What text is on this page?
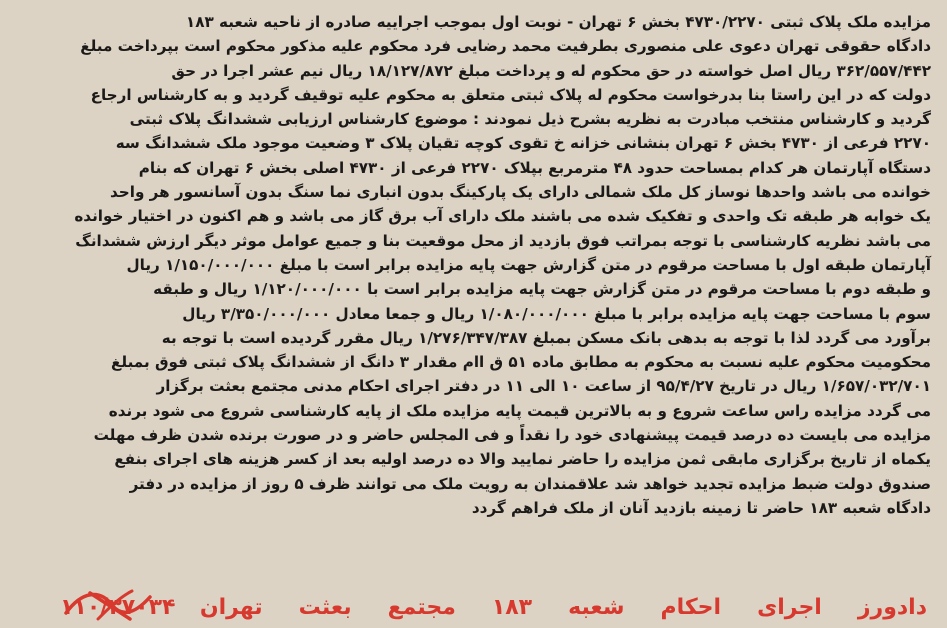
مزایده ملک پلاک ثبتی ۴۷۳۰/۲۲۷۰ بخش ۶ تهران - نوبت اول بموجب اجراییه صادره از ناحیه شعبه ۱۸۳
دادگاه حقوقی تهران دعوی علی منصوری بطرفیت محمد رضایی فرد محکوم علیه مذکور محکوم است بپرداخت مبلغ
۳۶۲/۵۵۷/۴۴۲ ریال اصل خواسته در حق محکوم له و پرداخت مبلغ ۱۸/۱۲۷/۸۷۲ ریال نیم عشر اجرا در حق
دولت که در این راستا بنا بدرخواست محکوم له پلاک ثبتی متعلق به محکوم علیه توقیف گردید و به کارشناس ارجاع
گردید و کارشناس منتخب مبادرت به نظریه بشرح ذیل نمودند : موضوع کارشناس ارزیابی ششدانگ پلاک ثبتی
۲۲۷۰ فرعی از ۴۷۳۰ بخش ۶ تهران بنشانی خزانه خ تقوی کوچه تقیان پلاک ۳ وضعیت موجود ملک ششدانگ سه
دستگاه آپارتمان هر کدام بمساحت حدود ۴۸ مترمربع بپلاک ۲۲۷۰ فرعی از ۴۷۳۰ اصلی بخش ۶ تهران که بنام
خوانده می باشد واحدها نوساز کل ملک شمالی دارای یک پارکینگ بدون انباری نما سنگ بدون آسانسور هر واحد
یک خوابه هر طبقه تک واحدی و تفکیک شده می باشند ملک دارای آب برق گاز می باشد و هم اکنون در اختیار خوانده
می باشد نظریه کارشناسی با توجه بمراتب فوق بازدید از محل موقعیت بنا و جمیع عوامل موثر دیگر ارزش ششدانگ
آپارتمان طبقه اول با مساحت مرقوم در متن گزارش جهت پایه مزایده برابر است با مبلغ ۱/۱۵۰/۰۰۰/۰۰۰ ریال
و طبقه دوم با مساحت مرقوم در متن گزارش جهت پایه مزایده برابر است با ۱/۱۲۰/۰۰۰/۰۰۰ ریال و طبقه
سوم با مساحت جهت پایه مزایده برابر با مبلغ ۱/۰۸۰/۰۰۰/۰۰۰ ریال و جمعا معادل ۳/۳۵۰/۰۰۰/۰۰۰ ریال
برآورد می گردد لذا با توجه به بدهی بانک مسکن بمبلغ ۱/۲۷۶/۳۴۷/۳۸۷ ریال مقرر گردیده است با توجه به
محکومیت محکوم علیه نسبت به محکوم به مطابق ماده ۵۱ ق اام مقدار ۳ دانگ از ششدانگ پلاک ثبتی فوق بمبلغ
۱/۶۵۷/۰۳۲/۷۰۱ ریال در تاریخ ۹۵/۴/۲۷ از ساعت ۱۰ الی ۱۱ در دفتر اجرای احکام مدنی مجتمع بعثت برگزار
می گردد مزایده راس ساعت شروع و به بالاترین قیمت پایه مزایده ملک از پایه کارشناسی شروع می شود برنده
مزایده می بایست ده درصد قیمت پیشنهادی خود را نقداً و فی المجلس حاضر و در صورت برنده شدن ظرف مهلت
یکماه از تاریخ برگزاری مابقی ثمن مزایده را حاضر نمایید والا ده درصد اولیه بعد از کسر هزینه های اجرای بنفع
صندوق دولت ضبط مزایده تجدید خواهد شد علاقمندان به رویت ملک می توانند ظرف ۵ روز از مزایده در دفتر
دادگاه شعبه ۱۸۳ حاضر تا زمینه بازدید آنان از ملک فراهم گردد
دادورز
اجرای
احکام
شعبه
۱۸۳
مجتمع
بعثت
تهران
۱۱۰/۳۷۰۳۴
